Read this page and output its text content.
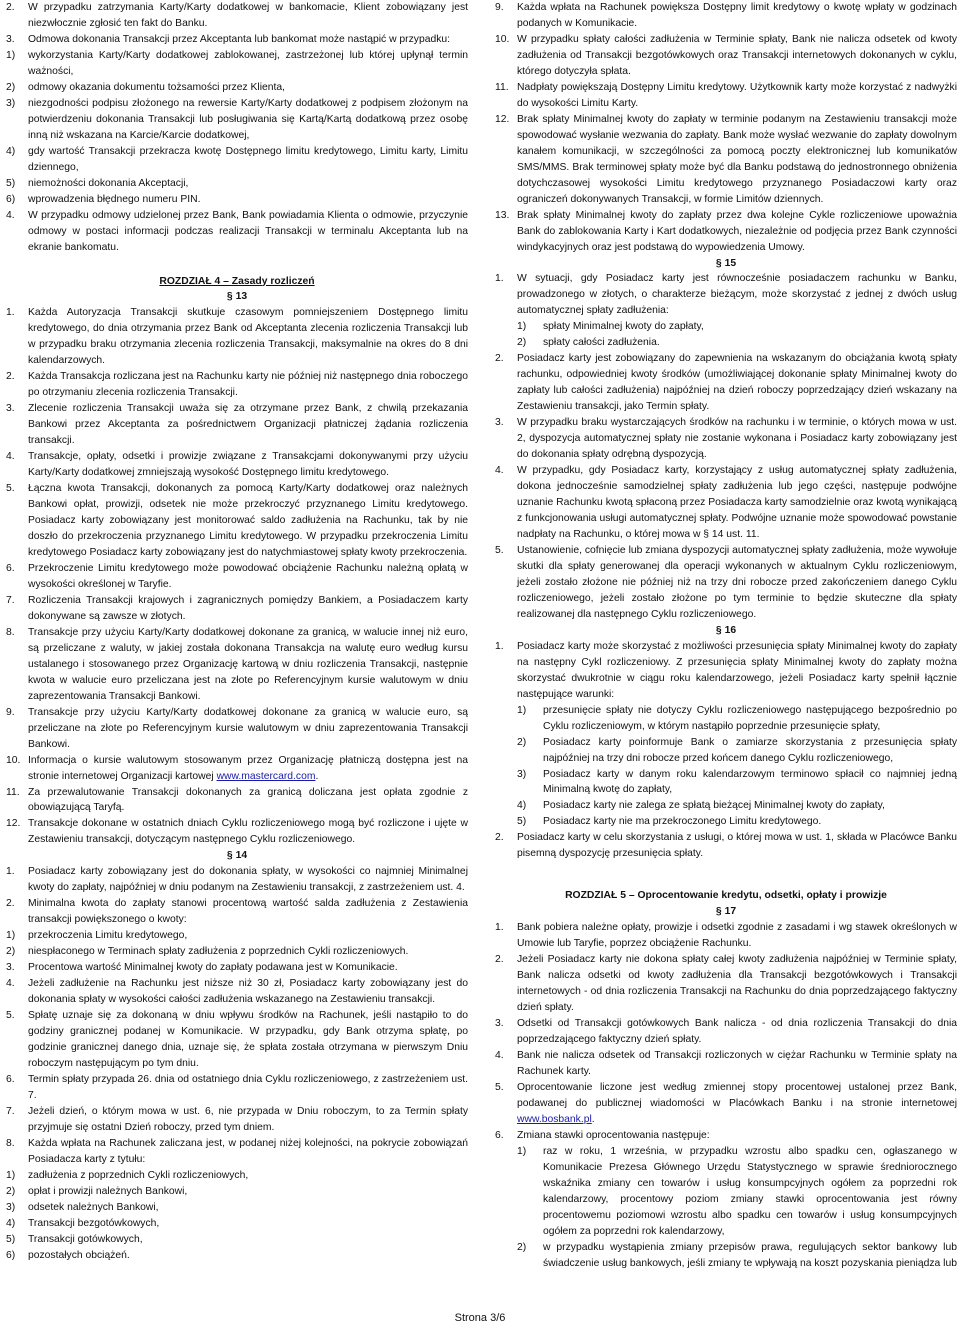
2. W przypadku zatrzymania Karty/Karty dodatkowej w bankomacie, Klient zobowiązany jest niezwłocznie zgłosić ten fakt do Banku.
3. Odmowa dokonania Transakcji przez Akceptanta lub bankomat może nastąpić w przypadku:
1) wykorzystania Karty/Karty dodatkowej zablokowanej, zastrzeżonej lub której upłynął termin ważności,
2) odmowy okazania dokumentu tożsamości przez Klienta,
3) niezgodności podpisu złożonego na rewersie Karty/Karty dodatkowej z podpisem złożonym na potwierdzeniu dokonania Transakcji lub posługiwania się Kartą/Kartą dodatkową przez osobę inną niż wskazana na Karcie/Karcie dodatkowej,
4) gdy wartość Transakcji przekracza kwotę Dostępnego limitu kredytowego, Limitu karty, Limitu dziennego,
5) niemożności dokonania Akceptacji,
6) wprowadzenia błędnego numeru PIN.
4. W przypadku odmowy udzielonej przez Bank, Bank powiadamia Klienta o odmowie, przyczynie odmowy w postaci informacji podczas realizacji Transakcji w terminalu Akceptanta lub na ekranie bankomatu.
ROZDZIAŁ 4 – Zasady rozliczeń
§ 13
1. Każda Autoryzacja Transakcji skutkuje czasowym pomniejszeniem Dostępnego limitu kredytowego, do dnia otrzymania przez Bank od Akceptanta zlecenia rozliczenia Transakcji lub w przypadku braku otrzymania zlecenia rozliczenia Transakcji, maksymalnie na okres do 8 dni kalendarzowych.
2. Każda Transakcja rozliczana jest na Rachunku karty nie później niż następnego dnia roboczego po otrzymaniu zlecenia rozliczenia Transakcji.
3. Zlecenie rozliczenia Transakcji uważa się za otrzymane przez Bank, z chwilą przekazania Bankowi przez Akceptanta za pośrednictwem Organizacji płatniczej żądania rozliczenia transakcji.
4. Transakcje, opłaty, odsetki i prowizje związane z Transakcjami dokonywanymi przy użyciu Karty/Karty dodatkowej zmniejszają wysokość Dostępnego limitu kredytowego.
5. Łączna kwota Transakcji, dokonanych za pomocą Karty/Karty dodatkowej oraz należnych Bankowi opłat, prowizji, odsetek nie może przekroczyć przyznanego Limitu kredytowego. Posiadacz karty zobowiązany jest monitorować saldo zadłużenia na Rachunku, tak by nie doszło do przekroczenia przyznanego Limitu kredytowego. W przypadku przekroczenia Limitu kredytowego Posiadacz karty zobowiązany jest do natychmiastowej spłaty kwoty przekroczenia.
6. Przekroczenie Limitu kredytowego może powodować obciążenie Rachunku należną opłatą w wysokości określonej w Taryfie.
7. Rozliczenia Transakcji krajowych i zagranicznych pomiędzy Bankiem, a Posiadaczem karty dokonywane są zawsze w złotych.
8. Transakcje przy użyciu Karty/Karty dodatkowej dokonane za granicą, w walucie innej niż euro, są przeliczane z waluty, w jakiej została dokonana Transakcja na walutę euro według kursu ustalanego i stosowanego przez Organizację kartową w dniu rozliczenia Transakcji, następnie kwota w walucie euro przeliczana jest na złote po Referencyjnym kursie walutowym w dniu zaprezentowania Transakcji Bankowi.
9. Transakcje przy użyciu Karty/Karty dodatkowej dokonane za granicą w walucie euro, są przeliczane na złote po Referencyjnym kursie walutowym w dniu zaprezentowania Transakcji Bankowi.
10. Informacja o kursie walutowym stosowanym przez Organizację płatniczą dostępna jest na stronie internetowej Organizacji kartowej www.mastercard.com.
11. Za przewalutowanie Transakcji dokonanych za granicą doliczana jest opłata zgodnie z obowiązującą Taryfą.
12. Transakcje dokonane w ostatnich dniach Cyklu rozliczeniowego mogą być rozliczone i ujęte w Zestawieniu transakcji, dotyczącym następnego Cyklu rozliczeniowego.
§ 14
1. Posiadacz karty zobowiązany jest do dokonania spłaty, w wysokości co najmniej Minimalnej kwoty do zapłaty, najpóźniej w dniu podanym na Zestawieniu transakcji, z zastrzeżeniem ust. 4.
2. Minimalna kwota do zapłaty stanowi procentową wartość salda zadłużenia z Zestawienia transakcji powiększonego o kwoty:
1) przekroczenia Limitu kredytowego,
2) niespłaconego w Terminach spłaty zadłużenia z poprzednich Cykli rozliczeniowych.
3. Procentowa wartość Minimalnej kwoty do zapłaty podawana jest w Komunikacie.
4. Jeżeli zadłużenie na Rachunku jest niższe niż 30 zł, Posiadacz karty zobowiązany jest do dokonania spłaty w wysokości całości zadłużenia wskazanego na Zestawieniu transakcji.
5. Spłatę uznaje się za dokonaną w dniu wpływu środków na Rachunek, jeśli nastąpiło to do godziny granicznej podanej w Komunikacie. W przypadku, gdy Bank otrzyma spłatę, po godzinie granicznej danego dnia, uznaje się, że spłata została otrzymana w pierwszym Dniu roboczym następującym po tym dniu.
6. Termin spłaty przypada 26. dnia od ostatniego dnia Cyklu rozliczeniowego, z zastrzeżeniem ust. 7.
7. Jeżeli dzień, o którym mowa w ust. 6, nie przypada w Dniu roboczym, to za Termin spłaty przyjmuje się ostatni Dzień roboczy, przed tym dniem.
8. Każda wpłata na Rachunek zaliczana jest, w podanej niżej kolejności, na pokrycie zobowiązań Posiadacza karty z tytułu:
1) zadłużenia z poprzednich Cykli rozliczeniowych,
2) opłat i prowizji należnych Bankowi,
3) odsetek należnych Bankowi,
4) Transakcji bezgotówkowych,
5) Transakcji gotówkowych,
6) pozostałych obciążeń.
9. Każda wpłata na Rachunek powiększa Dostępny limit kredytowy o kwotę wpłaty w godzinach podanych w Komunikacie.
10. W przypadku spłaty całości zadłużenia w Terminie spłaty, Bank nie nalicza odsetek od kwoty zadłużenia od Transakcji bezgotówkowych oraz Transakcji internetowych dokonanych w cyklu, którego dotyczyła spłata.
11. Nadpłaty powiększają Dostępny Limitu kredytowy. Użytkownik karty może korzystać z nadwyżki do wysokości Limitu Karty.
12. Brak spłaty Minimalnej kwoty do zapłaty w terminie podanym na Zestawieniu transakcji może spowodować wysłanie wezwania do zapłaty. Bank może wysłać wezwanie do zapłaty dowolnym kanałem komunikacji, w szczególności za pomocą poczty elektronicznej lub komunikatów SMS/MMS. Brak terminowej spłaty może być dla Banku podstawą do jednostronnego obniżenia dotychczasowej wysokości Limitu kredytowego przyznanego Posiadaczowi karty oraz ograniczeń dokonywanych Transakcji, w formie Limitów dziennych.
13. Brak spłaty Minimalnej kwoty do zapłaty przez dwa kolejne Cykle rozliczeniowe upoważnia Bank do zablokowania Karty i Kart dodatkowych, niezależnie od podjęcia przez Bank czynności windykacyjnych oraz jest podstawą do wypowiedzenia Umowy.
§ 15
1. W sytuacji, gdy Posiadacz karty jest równocześnie posiadaczem rachunku w Banku, prowadzonego w złotych, o charakterze bieżącym, może skorzystać z jednej z dwóch usług automatycznej spłaty zadłużenia:
1) spłaty Minimalnej kwoty do zapłaty,
2) spłaty całości zadłużenia.
2. Posiadacz karty jest zobowiązany do zapewnienia na wskazanym do obciążania kwotą spłaty rachunku, odpowiedniej kwoty środków (umożliwiającej dokonanie spłaty Minimalnej kwoty do zapłaty lub całości zadłużenia) najpóźniej na dzień roboczy poprzedzający dzień wskazany na Zestawieniu transakcji, jako Termin spłaty.
3. W przypadku braku wystarczających środków na rachunku i w terminie, o których mowa w ust. 2, dyspozycja automatycznej spłaty nie zostanie wykonana i Posiadacz karty zobowiązany jest do dokonania spłaty odrębną dyspozycją.
4. W przypadku, gdy Posiadacz karty, korzystający z usług automatycznej spłaty zadłużenia, dokona jednocześnie samodzielnej spłaty zadłużenia lub jego części, następuje podwójne uznanie Rachunku kwotą spłaconą przez Posiadacza karty samodzielnie oraz kwotą wynikającą z funkcjonowania usługi automatycznej spłaty. Podwójne uznanie może spowodować powstanie nadpłaty na Rachunku, o której mowa w § 14 ust. 11.
5. Ustanowienie, cofnięcie lub zmiana dyspozycji automatycznej spłaty zadłużenia, może wywołuje skutki dla spłaty generowanej dla operacji wykonanych w aktualnym Cyklu rozliczeniowym, jeżeli zostało złożone nie później niż na trzy dni robocze przed zakończeniem danego Cyklu rozliczeniowego, jeżeli zostało złożone po tym terminie to będzie skuteczne dla spłaty realizowanej dla następnego Cyklu rozliczeniowego.
§ 16
1. Posiadacz karty może skorzystać z możliwości przesunięcia spłaty Minimalnej kwoty do zapłaty na następny Cykl rozliczeniowy. Z przesunięcia spłaty Minimalnej kwoty do zapłaty można skorzystać dwukrotnie w ciągu roku kalendarzowego, jeżeli Posiadacz karty spełnił łącznie następujące warunki:
1) przesunięcie spłaty nie dotyczy Cyklu rozliczeniowego następującego bezpośrednio po Cyklu rozliczeniowym, w którym nastąpiło poprzednie przesunięcie spłaty,
2) Posiadacz karty poinformuje Bank o zamiarze skorzystania z przesunięcia spłaty najpóźniej na trzy dni robocze przed końcem danego Cyklu rozliczeniowego,
3) Posiadacz karty w danym roku kalendarzowym terminowo spłacił co najmniej jedną Minimalną kwotę do zapłaty,
4) Posiadacz karty nie zalega ze spłatą bieżącej Minimalnej kwoty do zapłaty,
5) Posiadacz karty nie ma przekroczonego Limitu kredytowego.
2. Posiadacz karty w celu skorzystania z usługi, o której mowa w ust. 1, składa w Placówce Banku pisemną dyspozycję przesunięcia spłaty.
ROZDZIAŁ 5 – Oprocentowanie kredytu, odsetki, opłaty i prowizje
§ 17
1. Bank pobiera należne opłaty, prowizje i odsetki zgodnie z zasadami i wg stawek określonych w Umowie lub Taryfie, poprzez obciążenie Rachunku.
2. Jeżeli Posiadacz karty nie dokona spłaty całej kwoty zadłużenia najpóźniej w Terminie spłaty, Bank nalicza odsetki od kwoty zadłużenia dla Transakcji bezgotówkowych i Transakcji internetowych - od dnia rozliczenia Transakcji na Rachunku do dnia poprzedzającego faktyczny dzień spłaty.
3. Odsetki od Transakcji gotówkowych Bank nalicza - od dnia rozliczenia Transakcji do dnia poprzedzającego faktyczny dzień spłaty.
4. Bank nie nalicza odsetek od Transakcji rozliczonych w ciężar Rachunku w Terminie spłaty na Rachunek karty.
5. Oprocentowanie liczone jest według zmiennej stopy procentowej ustalonej przez Bank, podawanej do publicznej wiadomości w Placówkach Banku i na stronie internetowej www.bosbank.pl.
6. Zmiana stawki oprocentowania następuje:
1) raz w roku, 1 września, w przypadku wzrostu albo spadku cen, ogłaszanego w Komunikacie Prezesa Głównego Urzędu Statystycznego w sprawie średniorocznego wskaźnika zmiany cen towarów i usług konsumpcyjnych ogółem za poprzedni rok kalendarzowy, procentowy poziom zmiany stawki oprocentowania jest równy procentowemu poziomowi wzrostu albo spadku cen towarów i usług konsumpcyjnych ogółem za poprzedni rok kalendarzowy,
2) w przypadku wystąpienia zmiany przepisów prawa, regulujących sektor bankowy lub świadczenie usług bankowych, jeśli zmiany te wpływają na koszt pozyskania pieniądza lub
Strona 3/6
